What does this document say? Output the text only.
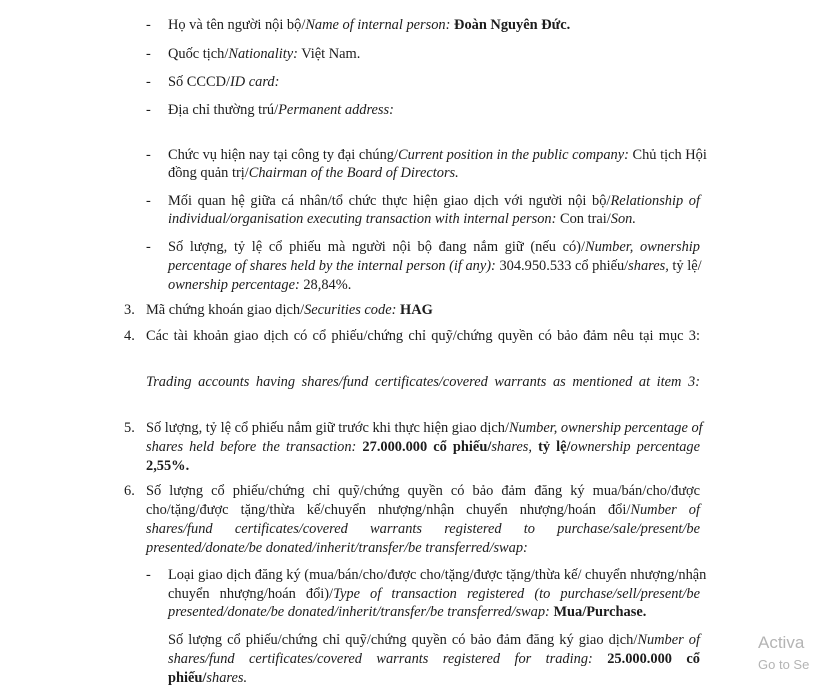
- Họ và tên người nội bộ/Name of internal person: Đoàn Nguyên Đức.
- Quốc tịch/Nationality: Việt Nam.
- Số CCCD/ID card:
- Địa chỉ thường trú/Permanent address:
- Chức vụ hiện nay tại công ty đại chúng/Current position in the public company: Chủ tịch Hội
đồng quản trị/Chairman of the Board of Directors.
- Mối quan hệ giữa cá nhân/tổ chức thực hiện giao dịch với người nội bộ/Relationship of
individual/organisation executing transaction with internal person: Con trai/Son.
- Số lượng, tỷ lệ cổ phiếu mà người nội bộ đang nắm giữ (nếu có)/Number, ownership
percentage of shares held by the internal person (if any): 304.950.533 cổ phiếu/shares, tỷ lệ/
ownership percentage: 28,84%.
3. Mã chứng khoán giao dịch/Securities code: HAG
4. Các tài khoản giao dịch có cổ phiếu/chứng chỉ quỹ/chứng quyền có bảo đảm nêu tại mục 3:
Trading accounts having shares/fund certificates/covered warrants as mentioned at item 3:
5. Số lượng, tỷ lệ cổ phiếu nắm giữ trước khi thực hiện giao dịch/Number, ownership percentage of
shares held before the transaction: 27.000.000 cổ phiếu/shares, tỷ lệ/ownership percentage
2,55%.
6. Số lượng cổ phiếu/chứng chỉ quỹ/chứng quyền có bảo đảm đăng ký mua/bán/cho/được
cho/tặng/được tặng/thừa kế/chuyển nhượng/nhận chuyển nhượng/hoán đổi/Number of
shares/fund certificates/covered warrants registered to purchase/sale/present/be
presented/donate/be donated/inherit/transfer/be transferred/swap:
- Loại giao dịch đăng ký (mua/bán/cho/được cho/tặng/được tặng/thừa kế/ chuyển nhượng/nhận
chuyển nhượng/hoán đổi)/Type of transaction registered (to purchase/sell/present/be
presented/donate/be donated/inherit/transfer/be transferred/swap: Mua/Purchase.
Số lượng cổ phiếu/chứng chỉ quỹ/chứng quyền có bảo đảm đăng ký giao dịch/Number of
shares/fund certificates/covered warrants registered for trading: 25.000.000 cổ
phiếu/shares.
Activa
Go to Se
